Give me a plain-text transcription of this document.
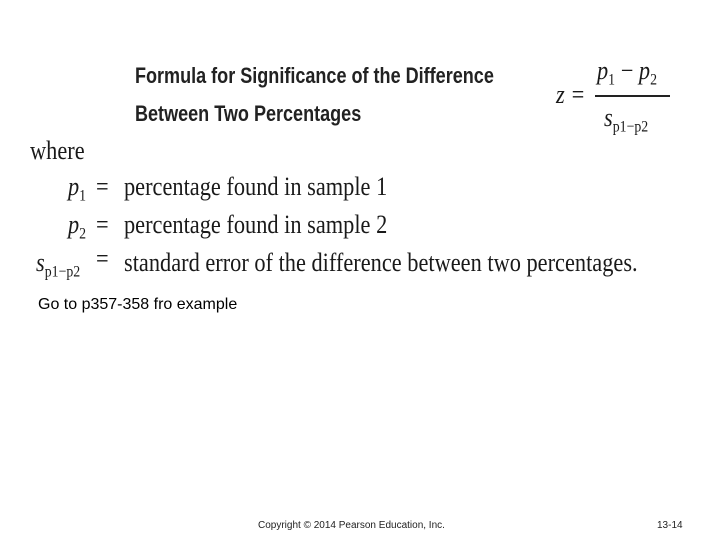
Formula for Significance of the Difference
Between Two Percentages
z =
$p_1 - p_2$
$s_{p1-p2}$
where
$p_1$ = percentage found in sample 1
$p_2$ = percentage found in sample 2
$s_{p1-p2}$ = standard error of the difference between two percentages.
Go to p357-358 fro example
Copyright © 2014 Pearson Education, Inc.	13-14
